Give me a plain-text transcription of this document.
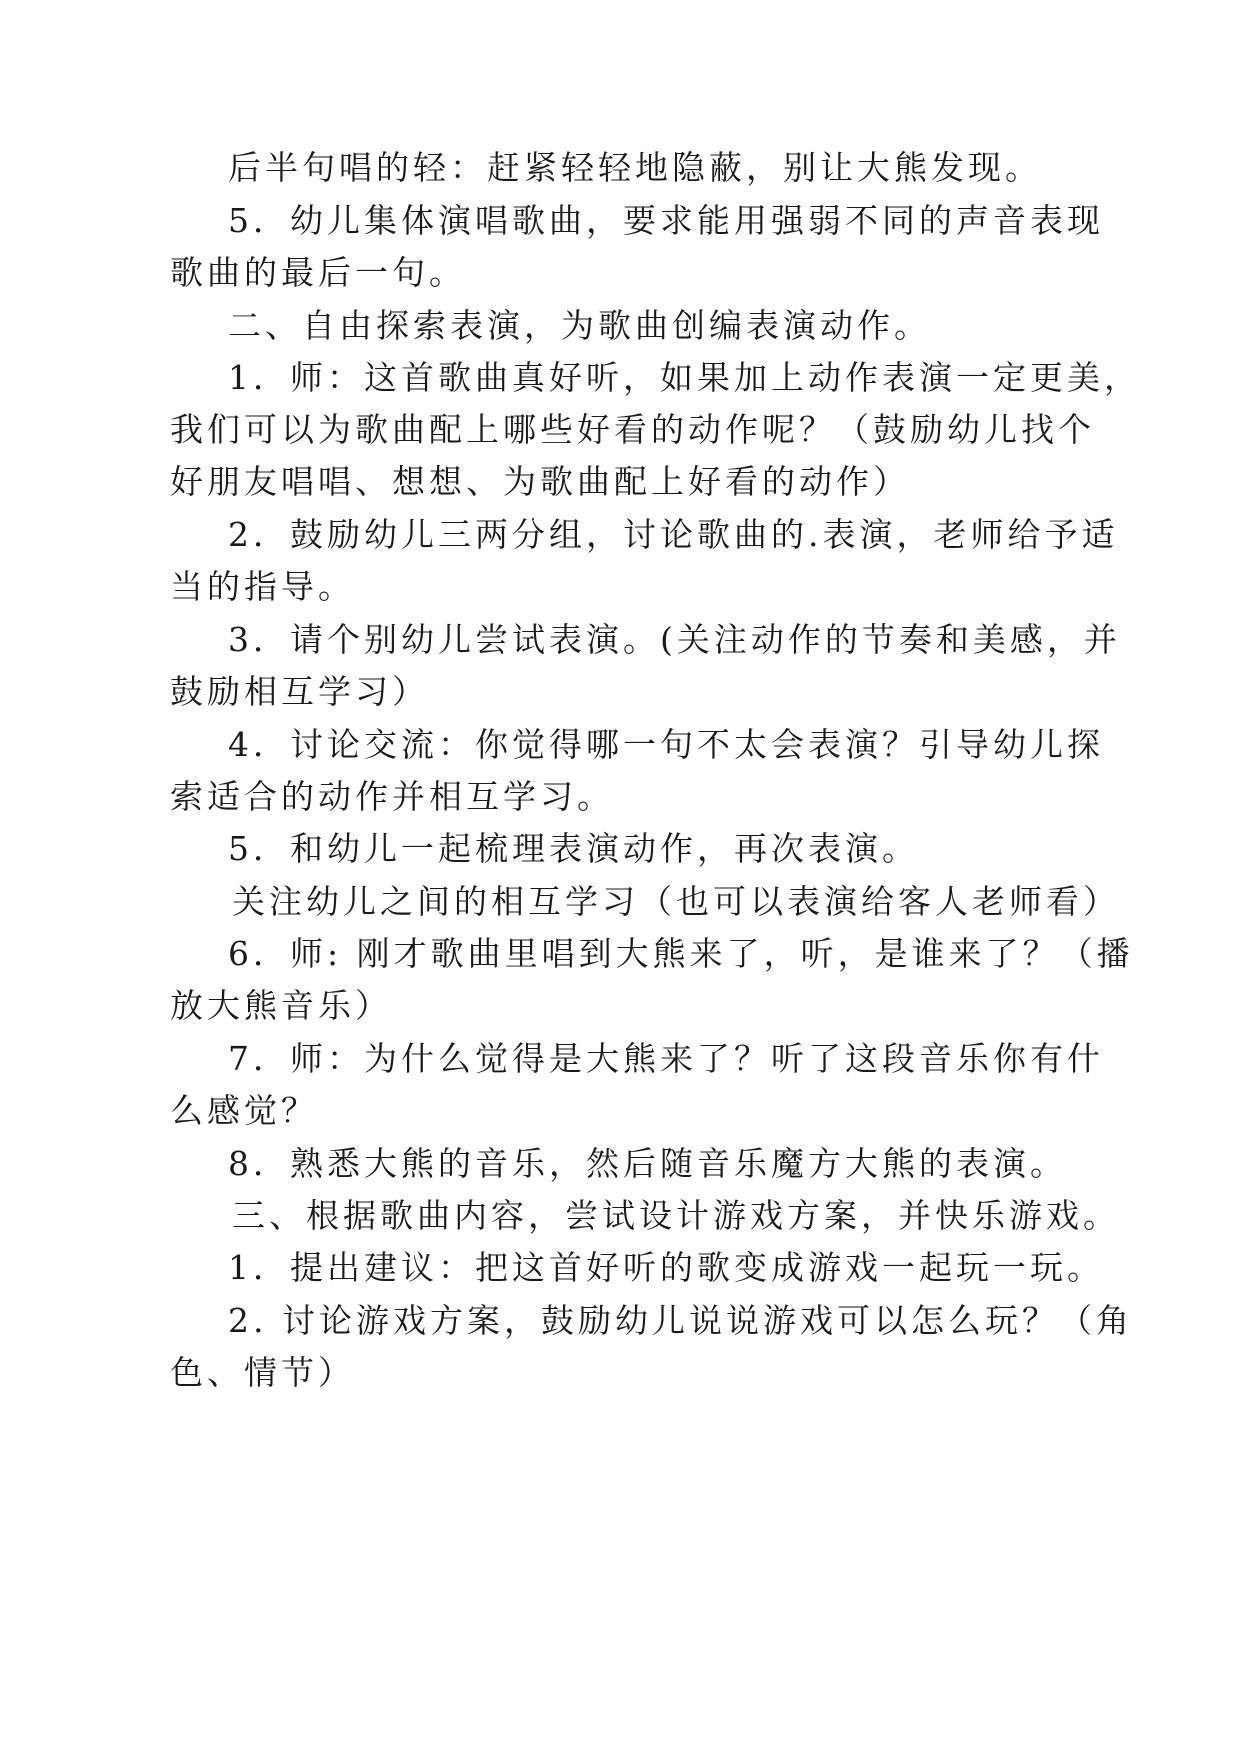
后半句唱的轻：赶紧轻轻地隐蔽，别让大熊发现。
5．幼儿集体演唱歌曲，要求能用强弱不同的声音表现
歌曲的最后一句。
二、自由探索表演，为歌曲创编表演动作。
1．师：这首歌曲真好听，如果加上动作表演一定更美，
我们可以为歌曲配上哪些好看的动作呢？（鼓励幼儿找个
好朋友唱唱、想想、为歌曲配上好看的动作）
2．鼓励幼儿三两分组，讨论歌曲的.表演，老师给予适
当的指导。
3．请个别幼儿尝试表演。(关注动作的节奏和美感，并
鼓励相互学习）
4．讨论交流：你觉得哪一句不太会表演？引导幼儿探
索适合的动作并相互学习。
5．和幼儿一起梳理表演动作，再次表演。
关注幼儿之间的相互学习（也可以表演给客人老师看）
6．师: 刚才歌曲里唱到大熊来了，听，是谁来了？（播
放大熊音乐）
7．师：为什么觉得是大熊来了？听了这段音乐你有什
么感觉？
8．熟悉大熊的音乐，然后随音乐魔方大熊的表演。
三、根据歌曲内容，尝试设计游戏方案，并快乐游戏。
1．提出建议：把这首好听的歌变成游戏一起玩一玩。
2. 讨论游戏方案，鼓励幼儿说说游戏可以怎么玩？（角
色、情节）
